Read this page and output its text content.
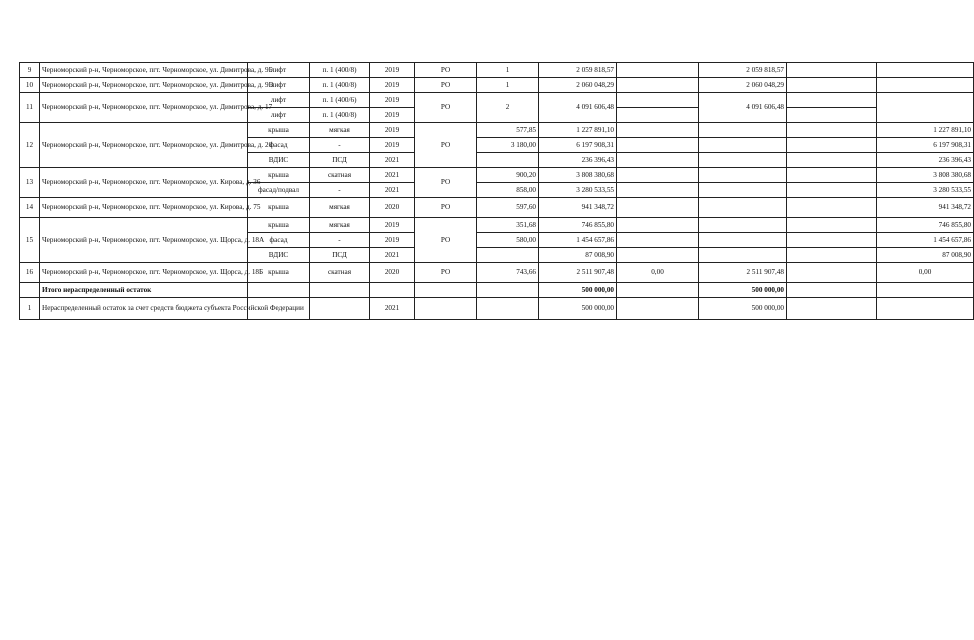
9	Черноморский р-н, Черноморское, пгт. Черноморское, ул. Димитрова, д. 9Б	лифт	п. 1 (400/8)	2019	РО	1	2 059 818,57		2 059 818,57		
10	Черноморский р-н, Черноморское, пгт. Черноморское, ул. Димитрова, д. 9В	лифт	п. 1 (400/8)	2019	РО	1	2 060 048,29		2 060 048,29		
11	Черноморский р-н, Черноморское, пгт. Черноморское, ул. Димитрова, д. 17	лифт	п. 1 (400/6)	2019	РО	2	4 091 606,48		4 091 606,48		
		лифт	п. 1 (400/8)	2019							
12	Черноморский р-н, Черноморское, пгт. Черноморское, ул. Димитрова, д. 20	крыша	мягкая	2019	РО	577,85	1 227 891,10				1 227 891,10
		фасад	-	2019		3 180,00	6 197 908,31				6 197 908,31
		ВДИС	ПСД	2021			236 396,43				236 396,43
13	Черноморский р-н, Черноморское, пгт. Черноморское, ул. Кирова, д. 36	крыша	скатная	2021	РО	900,20	3 808 380,68				3 808 380,68
		фасад/подвал	-	2021		858,00	3 280 533,55				3 280 533,55
14	Черноморский р-н, Черноморское, пгт. Черноморское, ул. Кирова, д. 75	крыша	мягкая	2020	РО	597,60	941 348,72				941 348,72
15	Черноморский р-н, Черноморское, пгт. Черноморское, ул. Щорса, д. 18А	крыша	мягкая	2019	РО	351,68	746 855,80				746 855,80
		фасад	-	2019		580,00	1 454 657,86				1 454 657,86
		ВДИС	ПСД	2021			87 008,90				87 008,90
16	Черноморский р-н, Черноморское, пгт. Черноморское, ул. Щорса, д. 18Б	крыша	скатная	2020	РО	743,66	2 511 907,48	0,00	2 511 907,48		0,00
	Итого нераспределенный остаток						500 000,00		500 000,00		
1	Нераспределенный остаток за счет средств бюджета субъекта Российской Федерации			2021			500 000,00		500 000,00		
